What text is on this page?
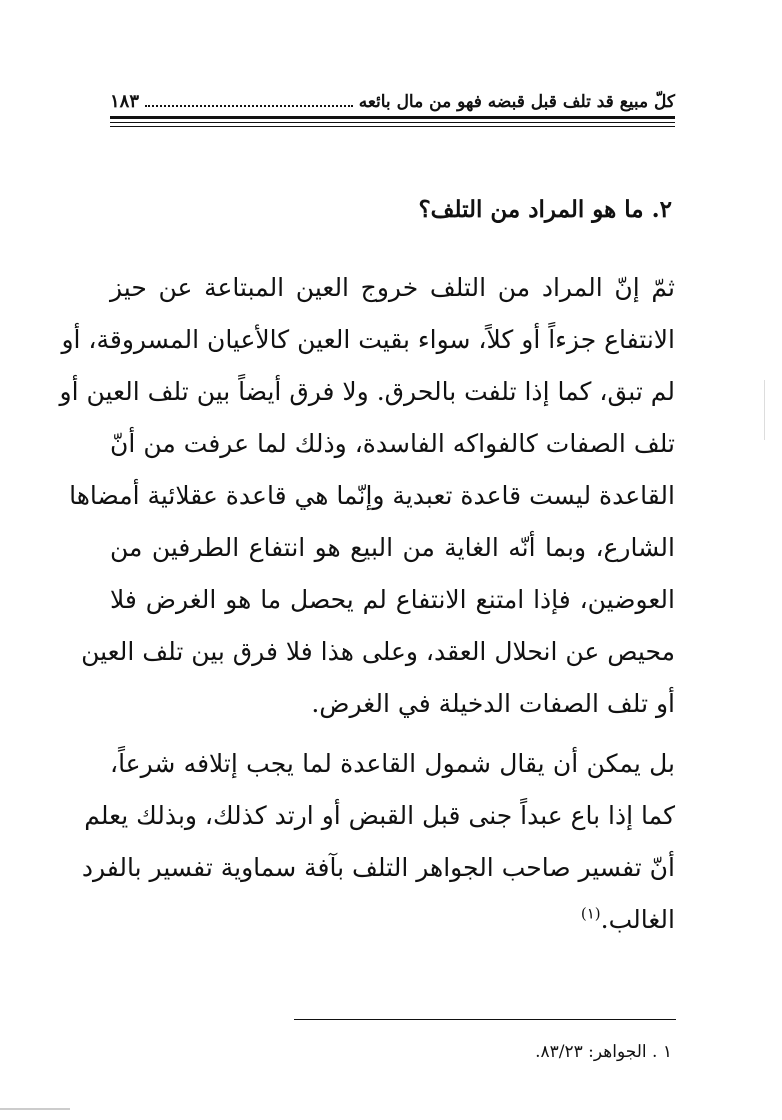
١٨٣	كلّ مبيع قد تلف قبل قبضه فهو من مال بائعه
٢. ما هو المراد من التلف؟
ثمّ إنّ المراد من التلف خروج العين المبتاعة عن حيز
الانتفاع جزءاً أو كلاً، سواء بقيت العين كالأعيان المسروقة، أو
لم تبق، كما إذا تلفت بالحرق. ولا فرق أيضاً بين تلف العين أو
تلف الصفات كالفواكه الفاسدة، وذلك لما عرفت من أنّ
القاعدة ليست قاعدة تعبدية وإنّما هي قاعدة عقلائية أمضاها
الشارع، وبما أنّه الغاية من البيع هو انتفاع الطرفين من
العوضين، فإذا امتنع الانتفاع لم يحصل ما هو الغرض فلا
محيص عن انحلال العقد، وعلى هذا فلا فرق بين تلف العين
أو تلف الصفات الدخيلة في الغرض.
بل يمكن أن يقال شمول القاعدة لما يجب إتلافه شرعاً،
كما إذا باع عبداً جنى قبل القبض أو ارتد كذلك، وبذلك يعلم
أنّ تفسير صاحب الجواهر التلف بآفة سماوية تفسير بالفرد
الغالب.$^{(١)}$
١ . الجواهر: ٨٣/٢٣.
